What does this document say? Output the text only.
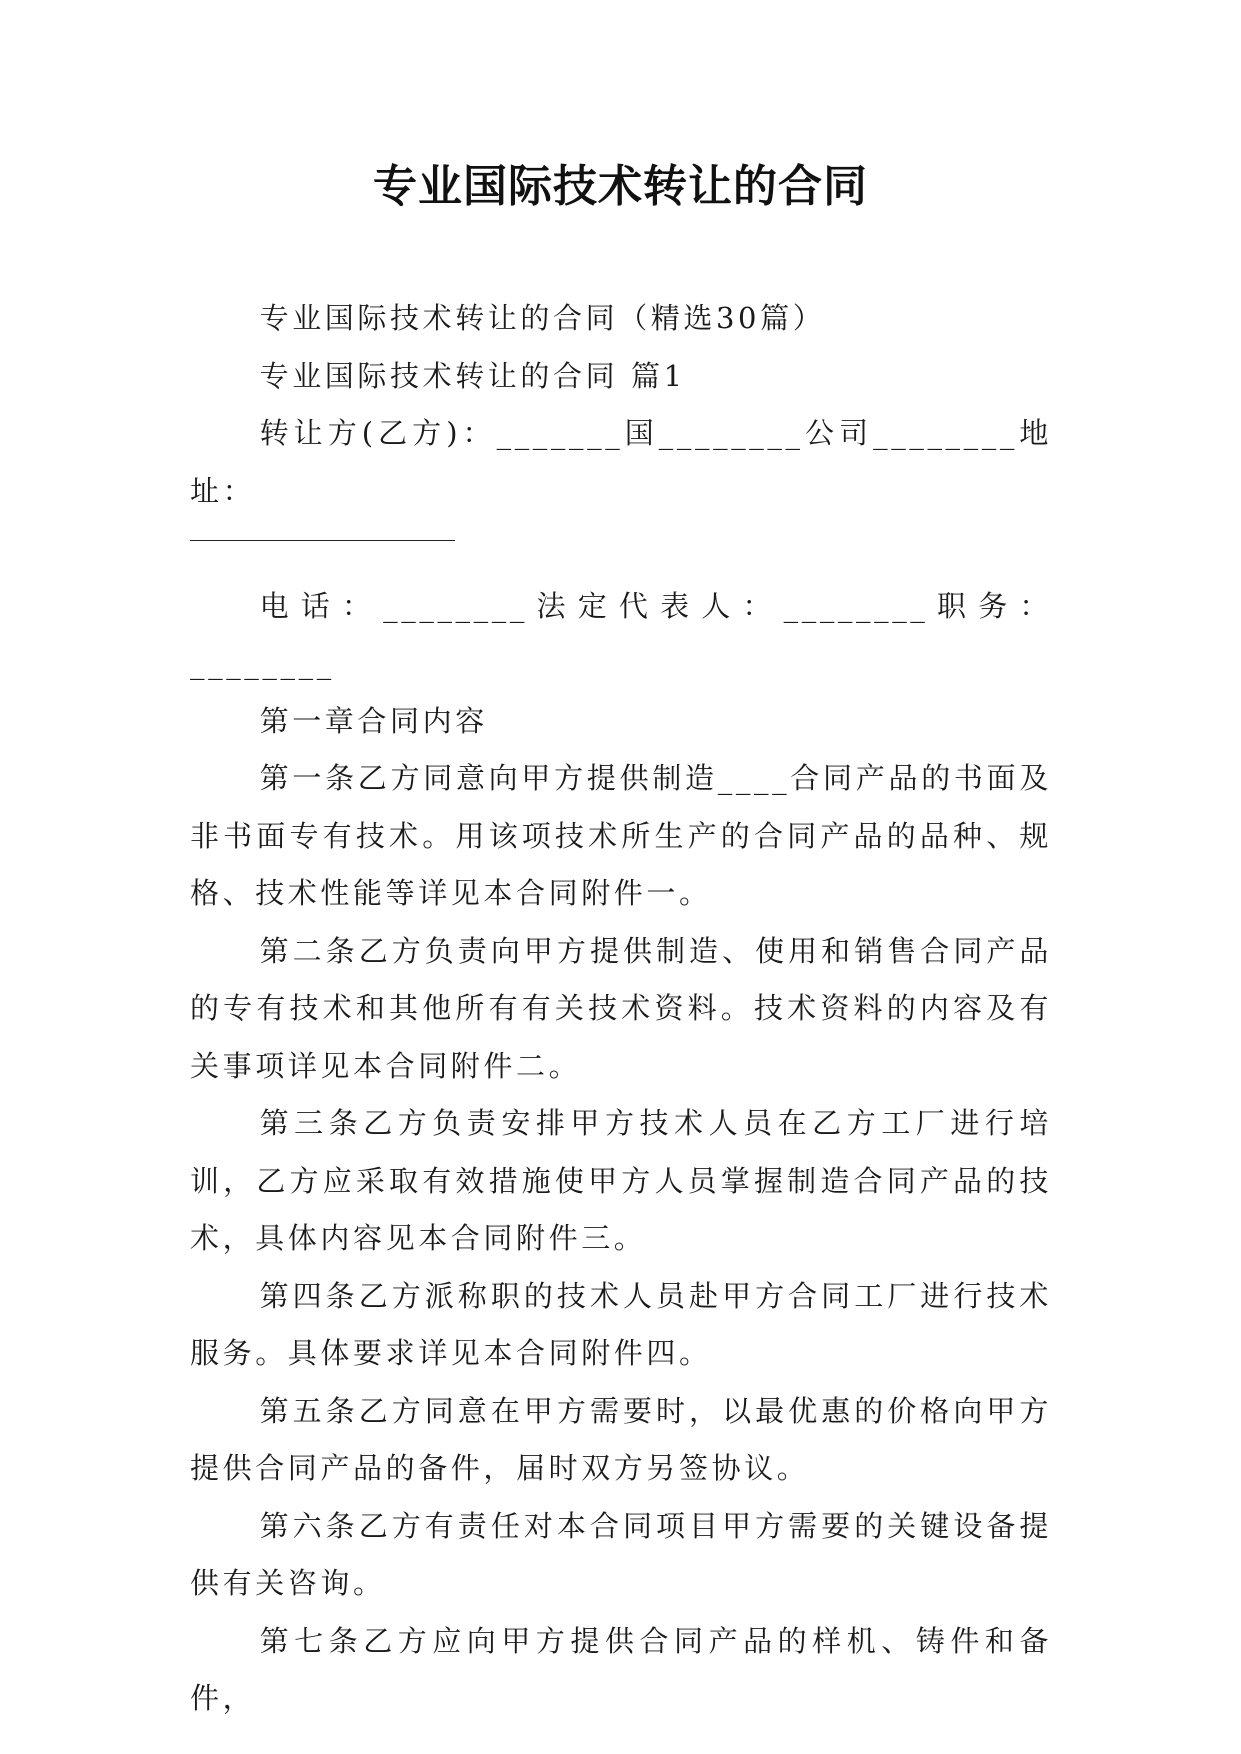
专业国际技术转让的合同

专业国际技术转让的合同（精选30篇）

专业国际技术转让的合同 篇1

转让方(乙方)：_______国________公司________地址：

电话：________法定代表人：________职务：________

第一章合同内容

第一条乙方同意向甲方提供制造____合同产品的书面及非书面专有技术。用该项技术所生产的合同产品的品种、规格、技术性能等详见本合同附件一。

第二条乙方负责向甲方提供制造、使用和销售合同产品的专有技术和其他所有有关技术资料。技术资料的内容及有关事项详见本合同附件二。

第三条乙方负责安排甲方技术人员在乙方工厂进行培训，乙方应采取有效措施使甲方人员掌握制造合同产品的技术，具体内容见本合同附件三。

第四条乙方派称职的技术人员赴甲方合同工厂进行技术服务。具体要求详见本合同附件四。

第五条乙方同意在甲方需要时，以最优惠的价格向甲方提供合同产品的备件，届时双方另签协议。

第六条乙方有责任对本合同项目甲方需要的关键设备提供有关咨询。

第七条乙方应向甲方提供合同产品的样机、铸件和备件，
